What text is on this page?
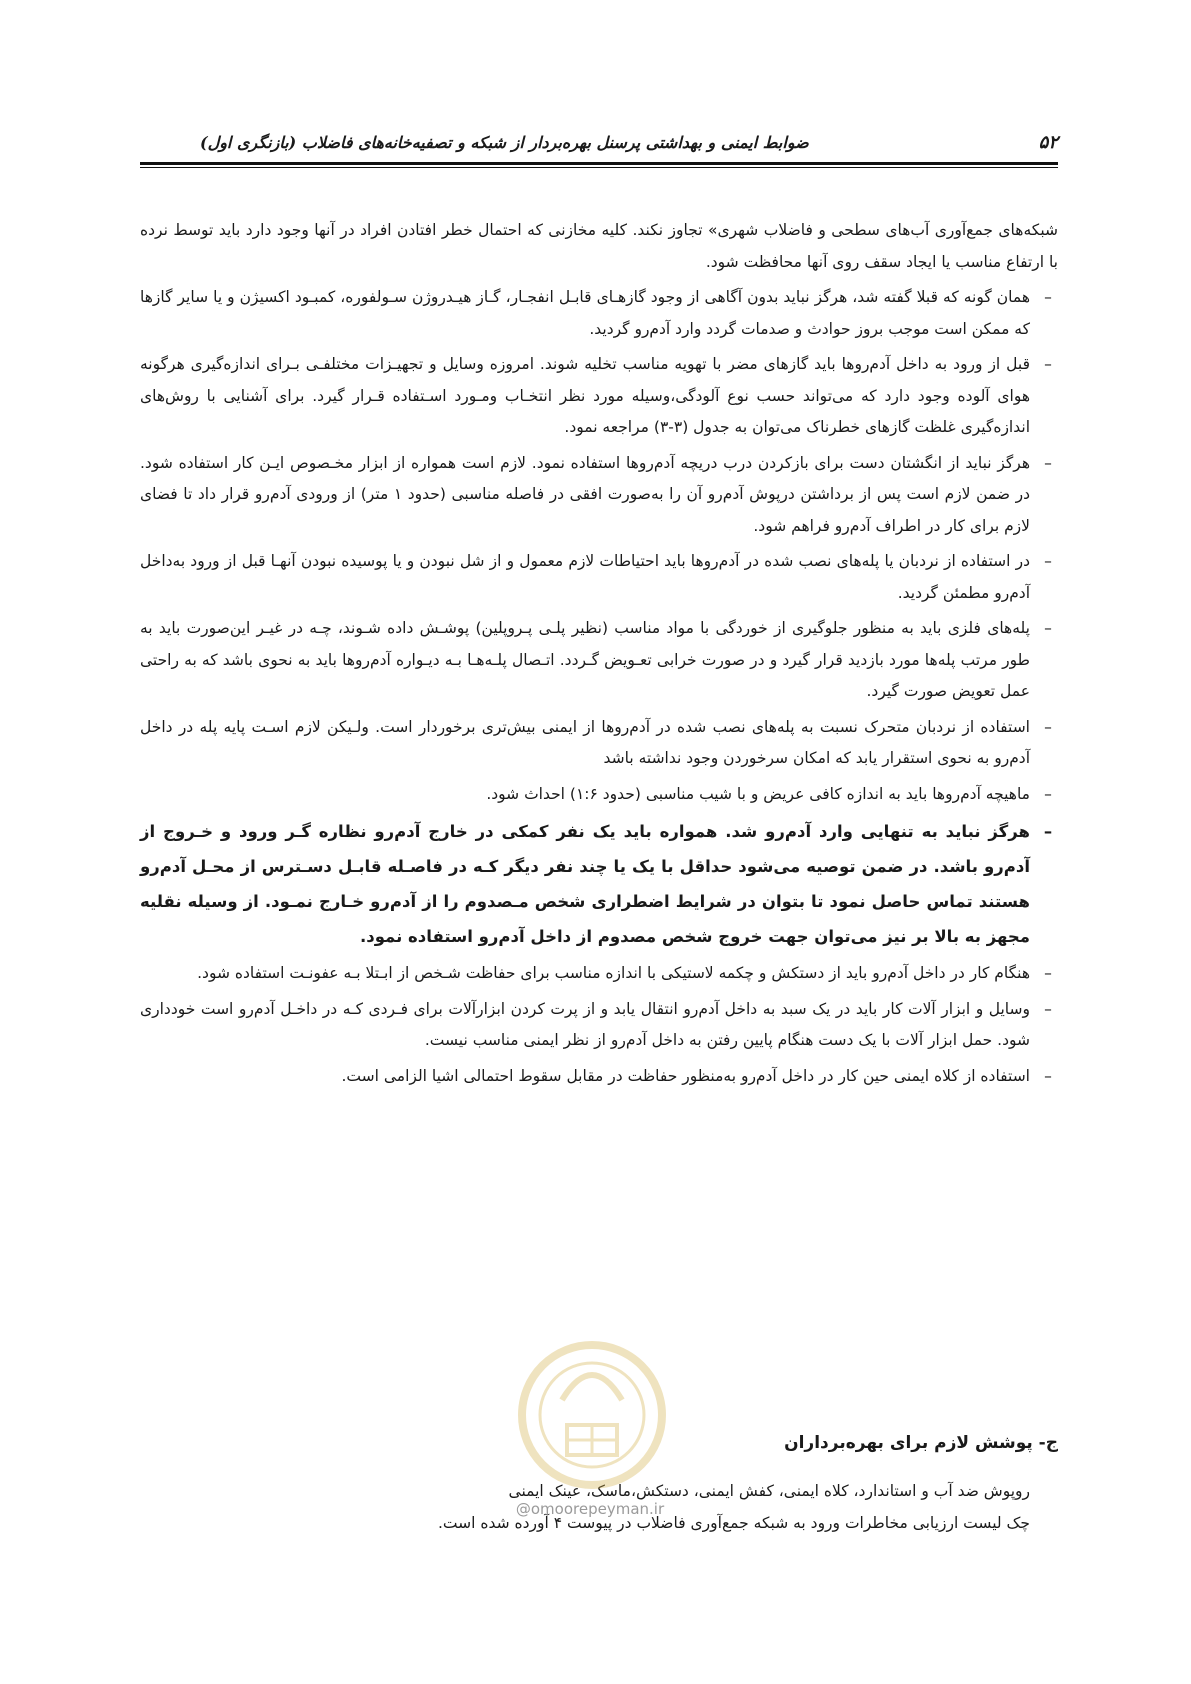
۵۲
ضوابط ایمنی و بهداشتی پرسنل بهره‌بردار از شبکه و تصفیه‌خانه‌های فاضلاب (بازنگری اول)

شبکه‌های جمع‌آوری آب‌های سطحی و فاضلاب شهری» تجاوز نکند. کلیه مخازنی که احتمال خطر افتادن افراد در آنها وجود دارد باید توسط نرده با ارتفاع مناسب یا ایجاد سقف روی آنها محافظت شود.

–
همان گونه که قبلا گفته شد، هرگز نباید بدون آگاهی از وجود گازهـای قابـل انفجـار، گـاز هیـدروژن سـولفوره، کمبـود اکسیژن و یا سایر گازها که ممکن است موجب بروز حوادث و صدمات گردد وارد آدم‌رو گردید.
–
قبل از ورود به داخل آدم‌روها باید گازهای مضر با تهویه مناسب تخلیه شوند. امروزه وسایل و تجهیـزات مختلفـی بـرای اندازه‌گیری هرگونه هوای آلوده وجود دارد که می‌تواند حسب نوع آلودگی،وسیله مورد نظر انتخـاب ومـورد اسـتفاده قـرار گیرد. برای آشنایی با روش‌های اندازه‌گیری غلظت گازهای خطرناک می‌توان به جدول (۳-۳) مراجعه نمود.
–
هرگز نباید از انگشتان دست برای بازکردن درب دریچه آدم‌روها استفاده نمود. لازم است همواره از ابزار مخـصوص ایـن کار استفاده شود. در ضمن لازم است پس از برداشتن درپوش آدم‌رو آن را به‌صورت افقی در فاصله مناسبی (حدود ۱ متر) از ورودی آدم‌رو قرار داد تا فضای لازم برای کار در اطراف آدم‌رو فراهم شود.
–
در استفاده از نردبان یا پله‌های نصب شده در آدم‌روها باید احتیاطات لازم معمول و از شل نبودن و یا پوسیده نبودن آنهـا قبل از ورود به‌داخل آدم‌رو مطمئن گردید.
–
پله‌های فلزی باید به منظور جلوگیری از خوردگی با مواد مناسب (نظیر پلـی پـروپلین) پوشـش داده شـوند، چـه در غیـر این‌صورت باید به طور مرتب پله‌ها مورد بازدید قرار گیرد و در صورت خرابی تعـویض گـردد. اتـصال پلـه‌هـا بـه دیـواره آدم‌روها باید به نحوی باشد که به راحتی عمل تعویض صورت گیرد.
–
استفاده از نردبان متحرک نسبت به پله‌های نصب شده در آدم‌روها از ایمنی بیش‌تری برخوردار است. ولـیکن لازم اسـت پایه پله در داخل آدم‌رو به نحوی استقرار یابد که امکان سرخوردن وجود نداشته باشد
–
ماهیچه آدم‌روها باید به اندازه کافی عریض و با شیب مناسبی (حدود ۱:۶) احداث شود.
–
هرگز نباید به تنهایی وارد آدم‌رو شد. همواره باید یک نفر کمکی در خارج آدم‌رو نظاره گـر ورود و خـروج از آدم‌رو باشد. در ضمن توصیه می‌شود حداقل با یک یا چند نفر دیگر کـه در فاصـله قابـل دسـترس از محـل آدم‌رو هستند تماس حاصل نمود تا بتوان در شرایط اضطراری شخص مـصدوم را از آدم‌رو خـارج نمـود. از وسیله نقلیه مجهز به بالا بر نیز می‌توان جهت خروج شخص مصدوم از داخل آدم‌رو استفاده نمود.
–
هنگام کار در داخل آدم‌رو باید از دستکش و چکمه لاستیکی با اندازه مناسب برای حفاظت شـخص از ابـتلا بـه عفونـت استفاده شود.
–
وسایل و ابزار آلات کار باید در یک سبد به داخل آدم‌رو انتقال یابد و از پرت کردن ابزارآلات برای فـردی کـه در داخـل آدم‌رو است خودداری شود. حمل ابزار آلات با یک دست هنگام پایین رفتن به داخل آدم‌رو از نظر ایمنی مناسب نیست.
–
استفاده از کلاه ایمنی حین کار در داخل آدم‌رو به‌منظور حفاظت در مقابل سقوط احتمالی اشیا الزامی است.
ج- پوشش لازم برای بهره‌برداران

روپوش ضد آب و استاندارد، کلاه ایمنی، کفش ایمنی، دستکش،ماسک، عینک ایمنی

چک لیست ارزیابی مخاطرات ورود به شبکه جمع‌آوری فاضلاب در پیوست ۴ آورده شده است.

@omoorepeyman.ir
